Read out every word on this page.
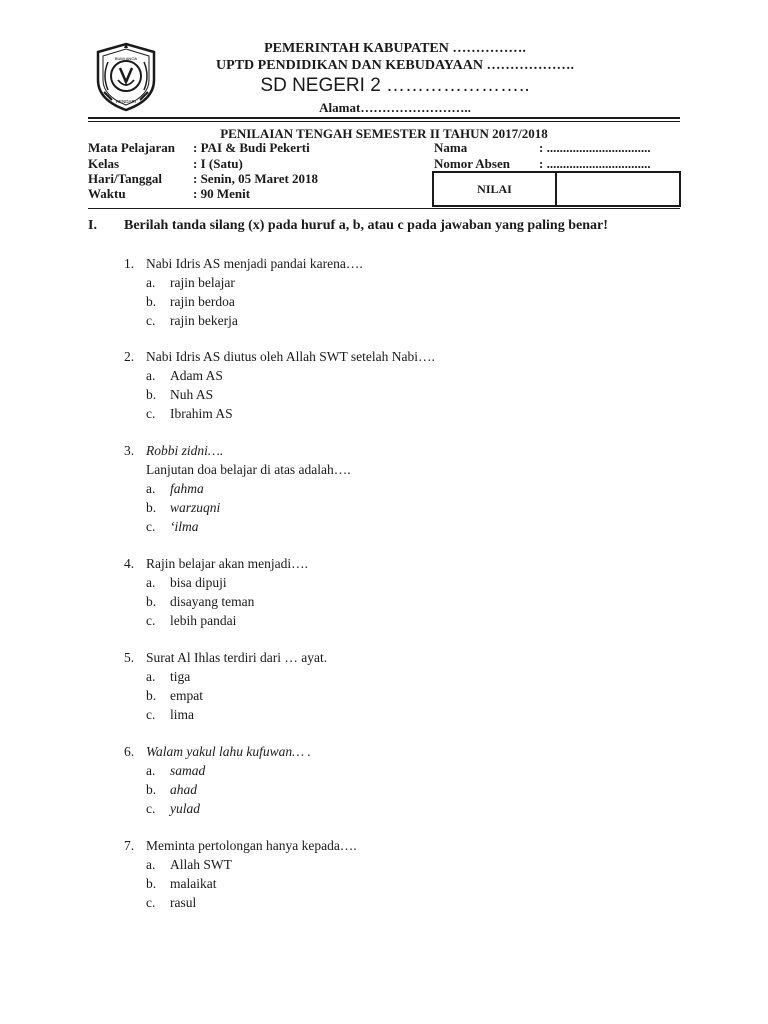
BUMI ANOA
KENDARI
PEMERINTAH KABUPATEN …………….
UPTD PENDIDIKAN DAN KEBUDAYAAN ……………….
SD NEGERI 2 …………………..
Alamat……………………..
PENILAIAN TENGAH SEMESTER II TAHUN 2017/2018
Mata Pelajaran : PAI & Budi Pekerti
Kelas	: I (Satu)
Hari/Tanggal : Senin, 05 Maret 2018
Waktu	: 90 Menit
Nama	: ................................
Nomor Absen : ................................
NILAI
I. Berilah tanda silang (x) pada huruf a, b, atau c pada jawaban yang paling benar!
1. Nabi Idris AS menjadi pandai karena….
a. rajin belajar
b. rajin berdoa
c. rajin bekerja
2. Nabi Idris AS diutus oleh Allah SWT setelah Nabi….
a. Adam AS
b. Nuh AS
c. Ibrahim AS
3. Robbi zidni….
Lanjutan doa belajar di atas adalah….
a. fahma
b. warzuqni
c. ‘ilma
4. Rajin belajar akan menjadi….
a. bisa dipuji
b. disayang teman
c. lebih pandai
5. Surat Al Ihlas terdiri dari … ayat.
a. tiga
b. empat
c. lima
6. Walam yakul lahu kufuwan… .
a. samad
b. ahad
c. yulad
7. Meminta pertolongan hanya kepada….
a. Allah SWT
b. malaikat
c. rasul
